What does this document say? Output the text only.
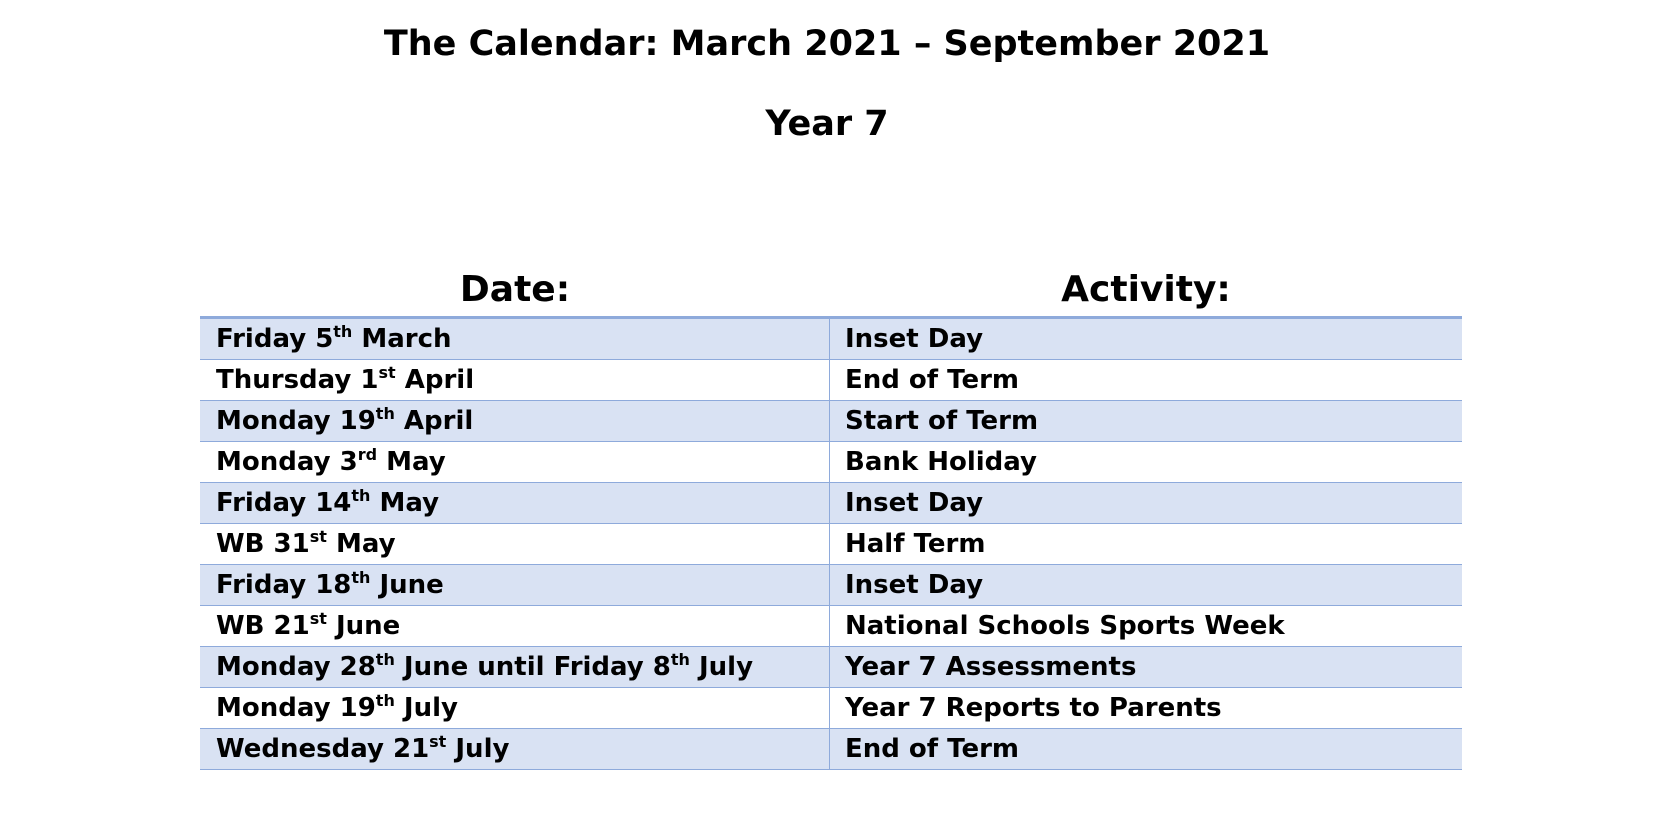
The Calendar: March 2021 – September 2021
Year 7
Date:	Activity:
Friday 5th March	Inset Day
Thursday 1st April	End of Term
Monday 19th April	Start of Term
Monday 3rd May	Bank Holiday
Friday 14th May	Inset Day
WB 31st May	Half Term
Friday 18th June	Inset Day
WB 21st June	National Schools Sports Week
Monday 28th June until Friday 8th July	Year 7 Assessments
Monday 19th July	Year 7 Reports to Parents
Wednesday 21st July	End of Term
